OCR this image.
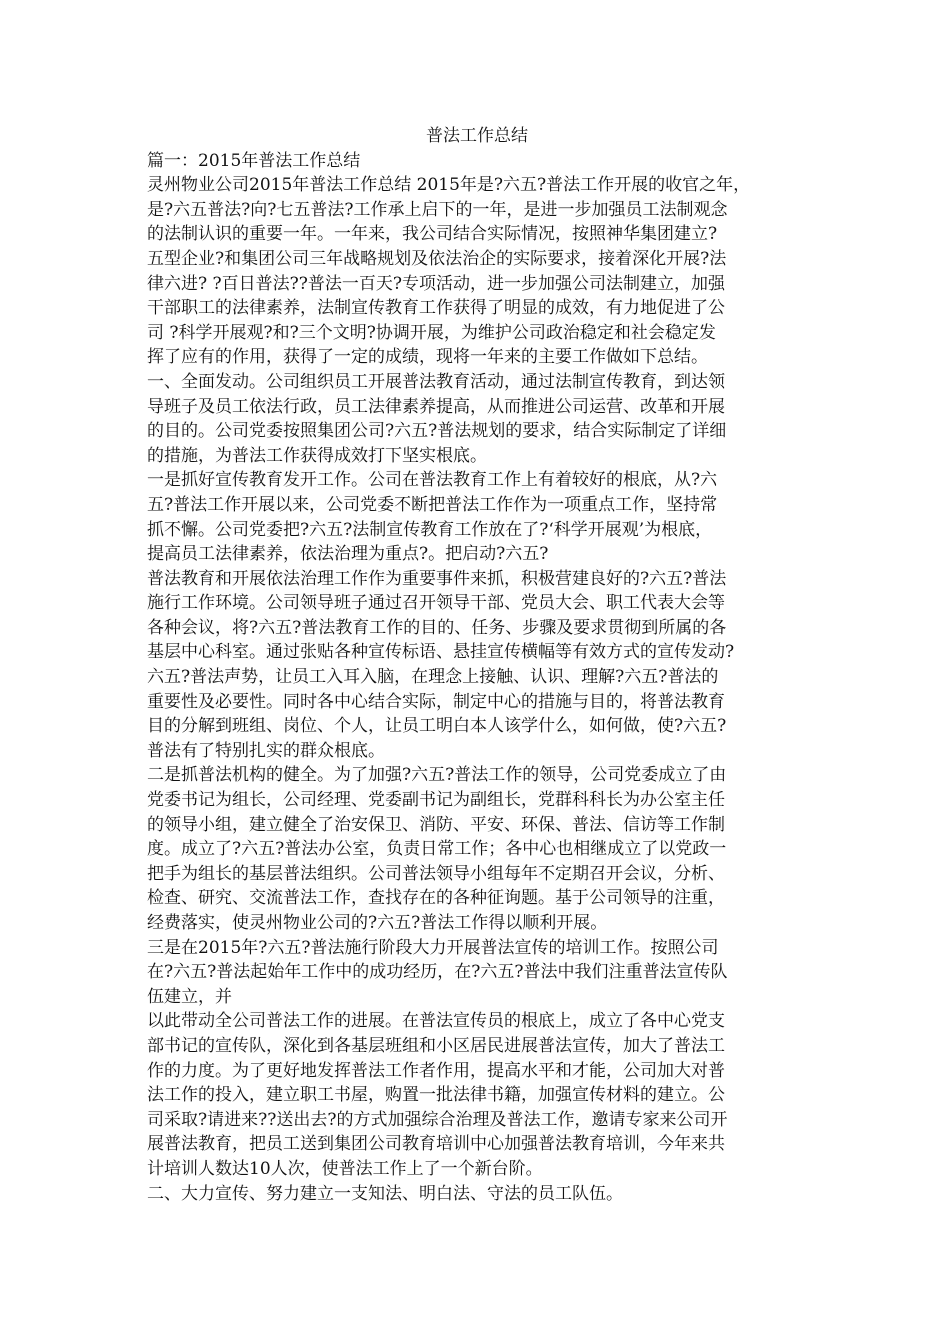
普法工作总结

篇一：2015年普法工作总结

灵州物业公司2015年普法工作总结 2015年是?六五?普法工作开展的收官之年，
是?六五普法?向?七五普法?工作承上启下的一年，是进一步加强员工法制观念
的法制认识的重要一年。一年来，我公司结合实际情况，按照神华集团建立?
五型企业?和集团公司三年战略规划及依法治企的实际要求，接着深化开展?法
律六进? ?百日普法??普法一百天?专项活动，进一步加强公司法制建立，加强
干部职工的法律素养，法制宣传教育工作获得了明显的成效，有力地促进了公
司 ?科学开展观?和?三个文明?协调开展，为维护公司政治稳定和社会稳定发
挥了应有的作用，获得了一定的成绩，现将一年来的主要工作做如下总结。

一、全面发动。公司组织员工开展普法教育活动，通过法制宣传教育，到达领
导班子及员工依法行政，员工法律素养提高，从而推进公司运营、改革和开展
的目的。公司党委按照集团公司?六五?普法规划的要求，结合实际制定了详细
的措施，为普法工作获得成效打下坚实根底。

一是抓好宣传教育发开工作。公司在普法教育工作上有着较好的根底，从?六
五?普法工作开展以来，公司党委不断把普法工作作为一项重点工作，坚持常
抓不懈。公司党委把?六五?法制宣传教育工作放在了?‘科学开展观’为根底，
提高员工法律素养，依法治理为重点?。把启动?六五?

普法教育和开展依法治理工作作为重要事件来抓，积极营建良好的?六五?普法
施行工作环境。公司领导班子通过召开领导干部、党员大会、职工代表大会等
各种会议，将?六五?普法教育工作的目的、任务、步骤及要求贯彻到所属的各
基层中心科室。通过张贴各种宣传标语、悬挂宣传横幅等有效方式的宣传发动?
六五?普法声势，让员工入耳入脑，在理念上接触、认识、理解?六五?普法的
重要性及必要性。同时各中心结合实际，制定中心的措施与目的，将普法教育
目的分解到班组、岗位、个人，让员工明白本人该学什么，如何做，使?六五?
普法有了特别扎实的群众根底。

二是抓普法机构的健全。为了加强?六五?普法工作的领导，公司党委成立了由
党委书记为组长，公司经理、党委副书记为副组长，党群科科长为办公室主任
的领导小组，建立健全了治安保卫、消防、平安、环保、普法、信访等工作制
度。成立了?六五?普法办公室，负责日常工作；各中心也相继成立了以党政一
把手为组长的基层普法组织。公司普法领导小组每年不定期召开会议，分析、
检查、研究、交流普法工作，查找存在的各种征询题。基于公司领导的注重，
经费落实，使灵州物业公司的?六五?普法工作得以顺利开展。

三是在2015年?六五?普法施行阶段大力开展普法宣传的培训工作。按照公司
在?六五?普法起始年工作中的成功经历，在?六五?普法中我们注重普法宣传队
伍建立，并

以此带动全公司普法工作的进展。在普法宣传员的根底上，成立了各中心党支
部书记的宣传队，深化到各基层班组和小区居民进展普法宣传，加大了普法工
作的力度。为了更好地发挥普法工作者作用，提高水平和才能，公司加大对普
法工作的投入，建立职工书屋，购置一批法律书籍，加强宣传材料的建立。公
司采取?请进来??送出去?的方式加强综合治理及普法工作，邀请专家来公司开
展普法教育，把员工送到集团公司教育培训中心加强普法教育培训，今年来共
计培训人数达10人次，使普法工作上了一个新台阶。

二、大力宣传、努力建立一支知法、明白法、守法的员工队伍。
